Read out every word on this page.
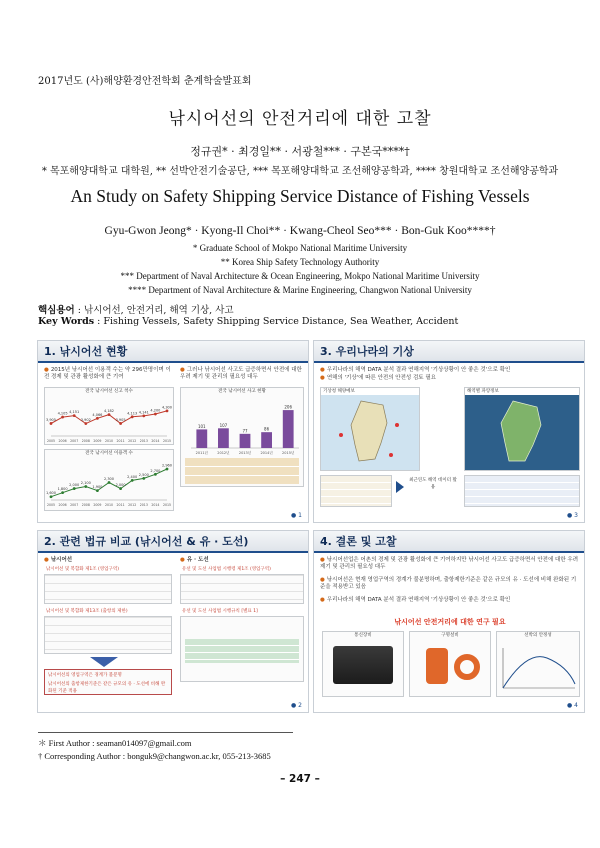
2017년도 (사)해양환경안전학회 춘계학술발표회
낚시어선의 안전거리에 대한 고찰
정규권* · 최경일** · 서광철*** · 구본국****†
* 목포해양대학교 대학원, ** 선박안전기술공단, *** 목포해양대학교 조선해양공학과, **** 창원대학교 조선해양공학과
An Study on Safety Shipping Service Distance of Fishing Vessels
Gyu-Gwon Jeong* · Kyong-Il Choi** · Kwang-Cheol Seo*** · Bon-Guk Koo****†
* Graduate School of Mokpo National Maritime University
** Korea Ship Safety Technology Authority
*** Department of Naval Architecture & Ocean Engineering, Mokpo National Maritime University
**** Department of Naval Architecture & Marine Engineering, Changwon National University
핵심용어 : 낚시어선, 안전거리, 해역 기상, 사고
Key Words : Fishing Vessels, Safety Shipping Service Distance, Sea Weather, Accident
1. 낚시어선 현황
● 2015년 낚시어선 이용객 수는 약 296만명이며 이전 경제 및 관광 활성화에 큰 기여
● 그러나 낚시어선 사고도 급증하면서 안전에 대한 우려 제기 및 관리의 필요성 대두
전국 낚시어선 신고 척수
3,905
2005
4,105
2006
4,151
2007
3,902
2008
4,066
2009
4,182
2010
3,905
2011
4,113
2012
4,141
2013
4,200
2014
4,300
2015
전국 낚시어선 사고 현황
101
2011년
107
2012년
77
2013년
86
2014년
206
2015년
전국 낚시어선 이용객 수
1,600
2005
1,800
2006
2,000
2007
2,100
2008
1,900
2009
2,300
2010
2,000
2011
2,400
2012
2,500
2013
2,700
2014
2,960
2015
● 1
3. 우리나라의 기상
● 우리나라의 해역 DATA 분석 결과 연해지역 '기상상황이 안 좋은 것'으로 확인
● 연해의 '기상'에 따른 안전의 안전성 검토 필요
기상청 해양예보	해역별 파랑정보
최근연도 해역 데이터 활용
● 3
2. 관련 법규 비교 (낚시어선 & 유 · 도선)
● 낚시어선	● 유 · 도선
낚시어선 및 복합화 제1조 (영업구역)
낚시어선 및 복합화 제13조 (출항의 제한)
유선 및 도선 사업법 시행령 제1조 (영업구역)
유선 및 도선 사업법 시행규칙 [별표 1]
낚시어선의 영업구역은 경계가 불분명
낚시어선의 출항제한기준은 같은 규모의 유 · 도선에 비해 완화된 기준 적용
● 2
4. 결론 및 고찰
● 낚시어선업은 어촌의 경제 및 관광 활성화에 큰 기여하지만 낚시어선 사고도 급증하면서 안전에 대한 우려 제기 및 관리의 필요성 대두
● 낚시어선은 현재 영업구역의 경계가 불분명하며, 출항제한기준은 같은 규모의 유 · 도선에 비해 완화된 기준을 적용받고 있음
● 우리나라의 해역 DATA 분석 결과 연해지역 '기상상황이 안 좋은 것'으로 확인
낚시어선 안전거리에 대한 연구 필요
통신장비	구명설비	선박의 안정성
● 4
＊ First Author : seaman014097@gmail.com
† Corresponding Author : bonguk9@changwon.ac.kr, 055-213-3685
– 247 –
